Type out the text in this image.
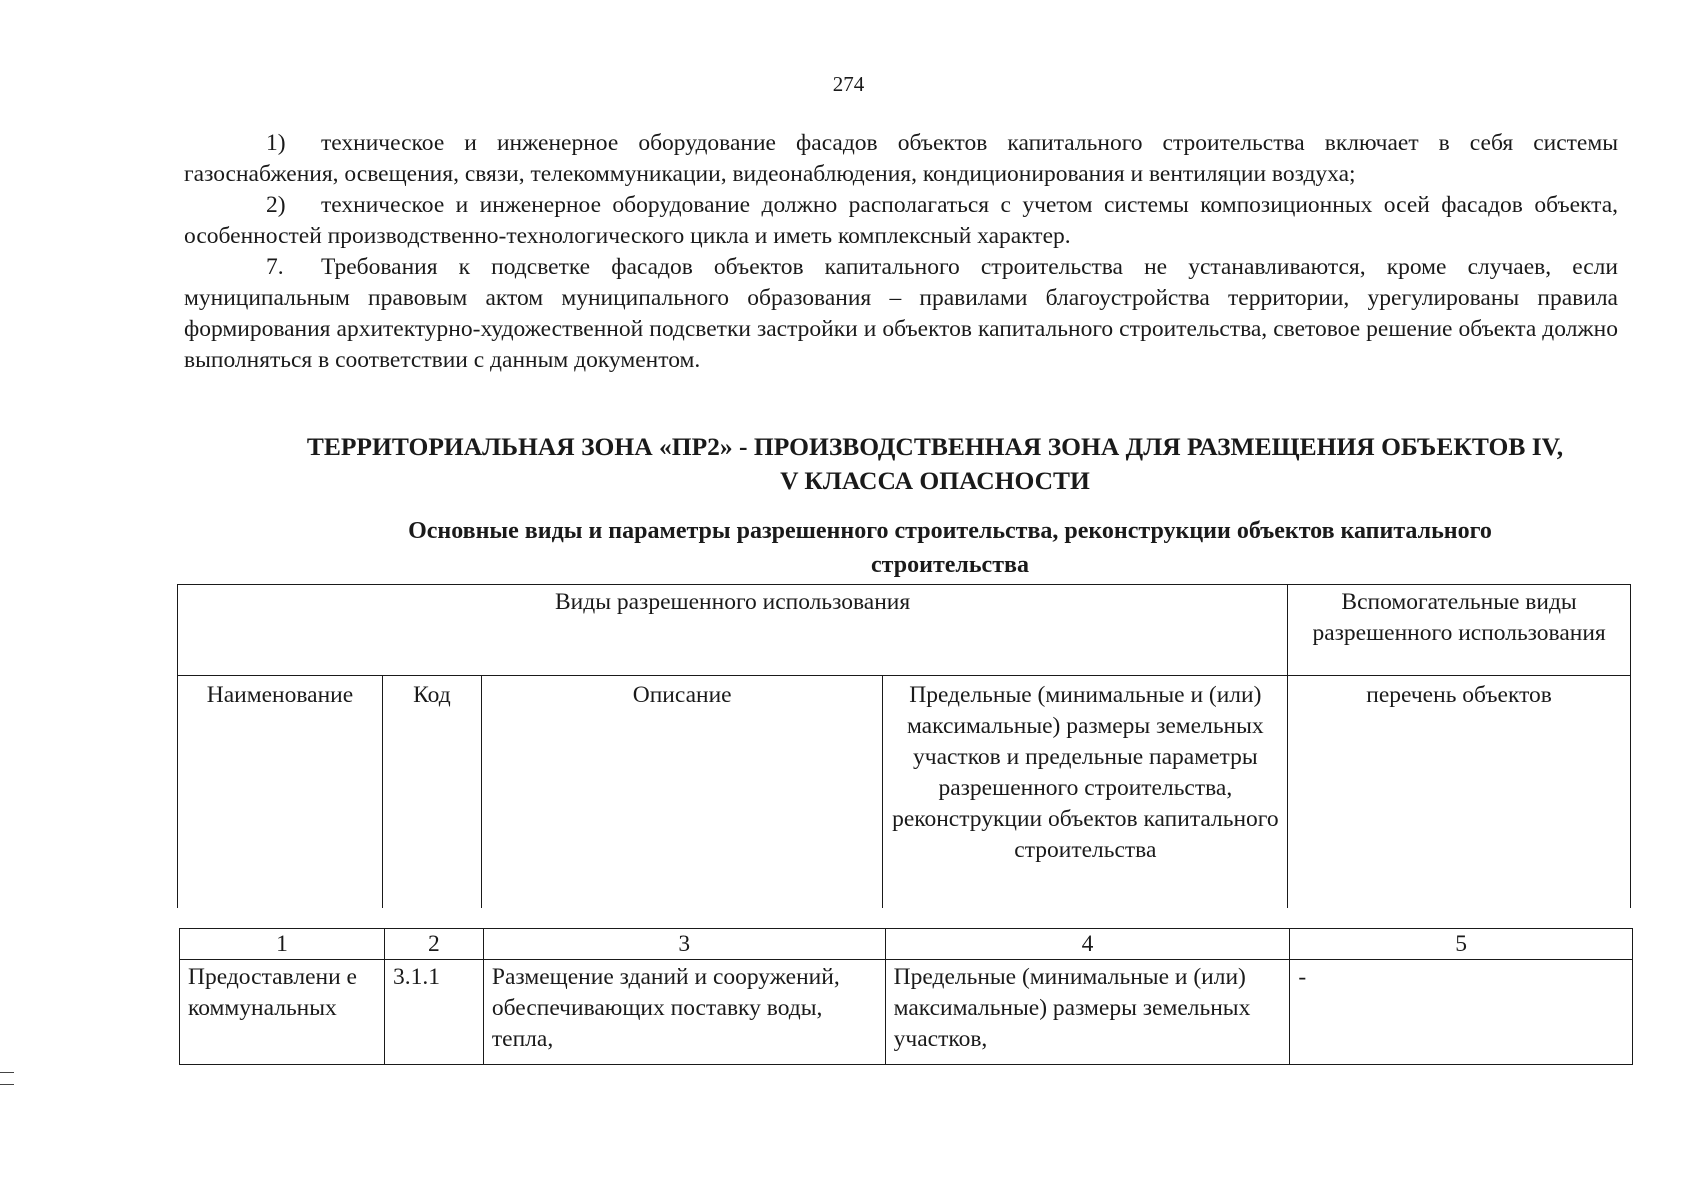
274

1) техническое и инженерное оборудование фасадов объектов капитального строительства включает в себя системы газоснабжения, освещения, связи, телекоммуникации, видеонаблюдения, кондиционирования и вентиляции воздуха;

2) техническое и инженерное оборудование должно располагаться с учетом системы композиционных осей фасадов объекта, особенностей производственно-технологического цикла и иметь комплексный характер.

7. Требования к подсветке фасадов объектов капитального строительства не устанавливаются, кроме случаев, если муниципальным правовым актом муниципального образования – правилами благоустройства территории, урегулированы правила формирования архитектурно-художественной подсветки застройки и объектов капитального строительства, световое решение объекта должно выполняться в соответствии с данным документом.

ТЕРРИТОРИАЛЬНАЯ ЗОНА «ПР2» - ПРОИЗВОДСТВЕННАЯ ЗОНА ДЛЯ РАЗМЕЩЕНИЯ ОБЪЕКТОВ IV,
V КЛАССА ОПАСНОСТИ
Основные виды и параметры разрешенного строительства, реконструкции объектов капитального
строительства
Виды разрешенного использования				Вспомогательные виды разрешенного использования
Наименование	Код	Описание	Предельные (минимальные и (или) максимальные) размеры земельных участков и предельные параметры разрешенного строительства, реконструкции объектов капитального строительства	перечень объектов
1	2	3	4	5
Предоставлени е коммунальных	3.1.1	Размещение зданий и сооружений, обеспечивающих поставку воды, тепла,	Предельные (минимальные и (или) максимальные) размеры земельных участков,	-
